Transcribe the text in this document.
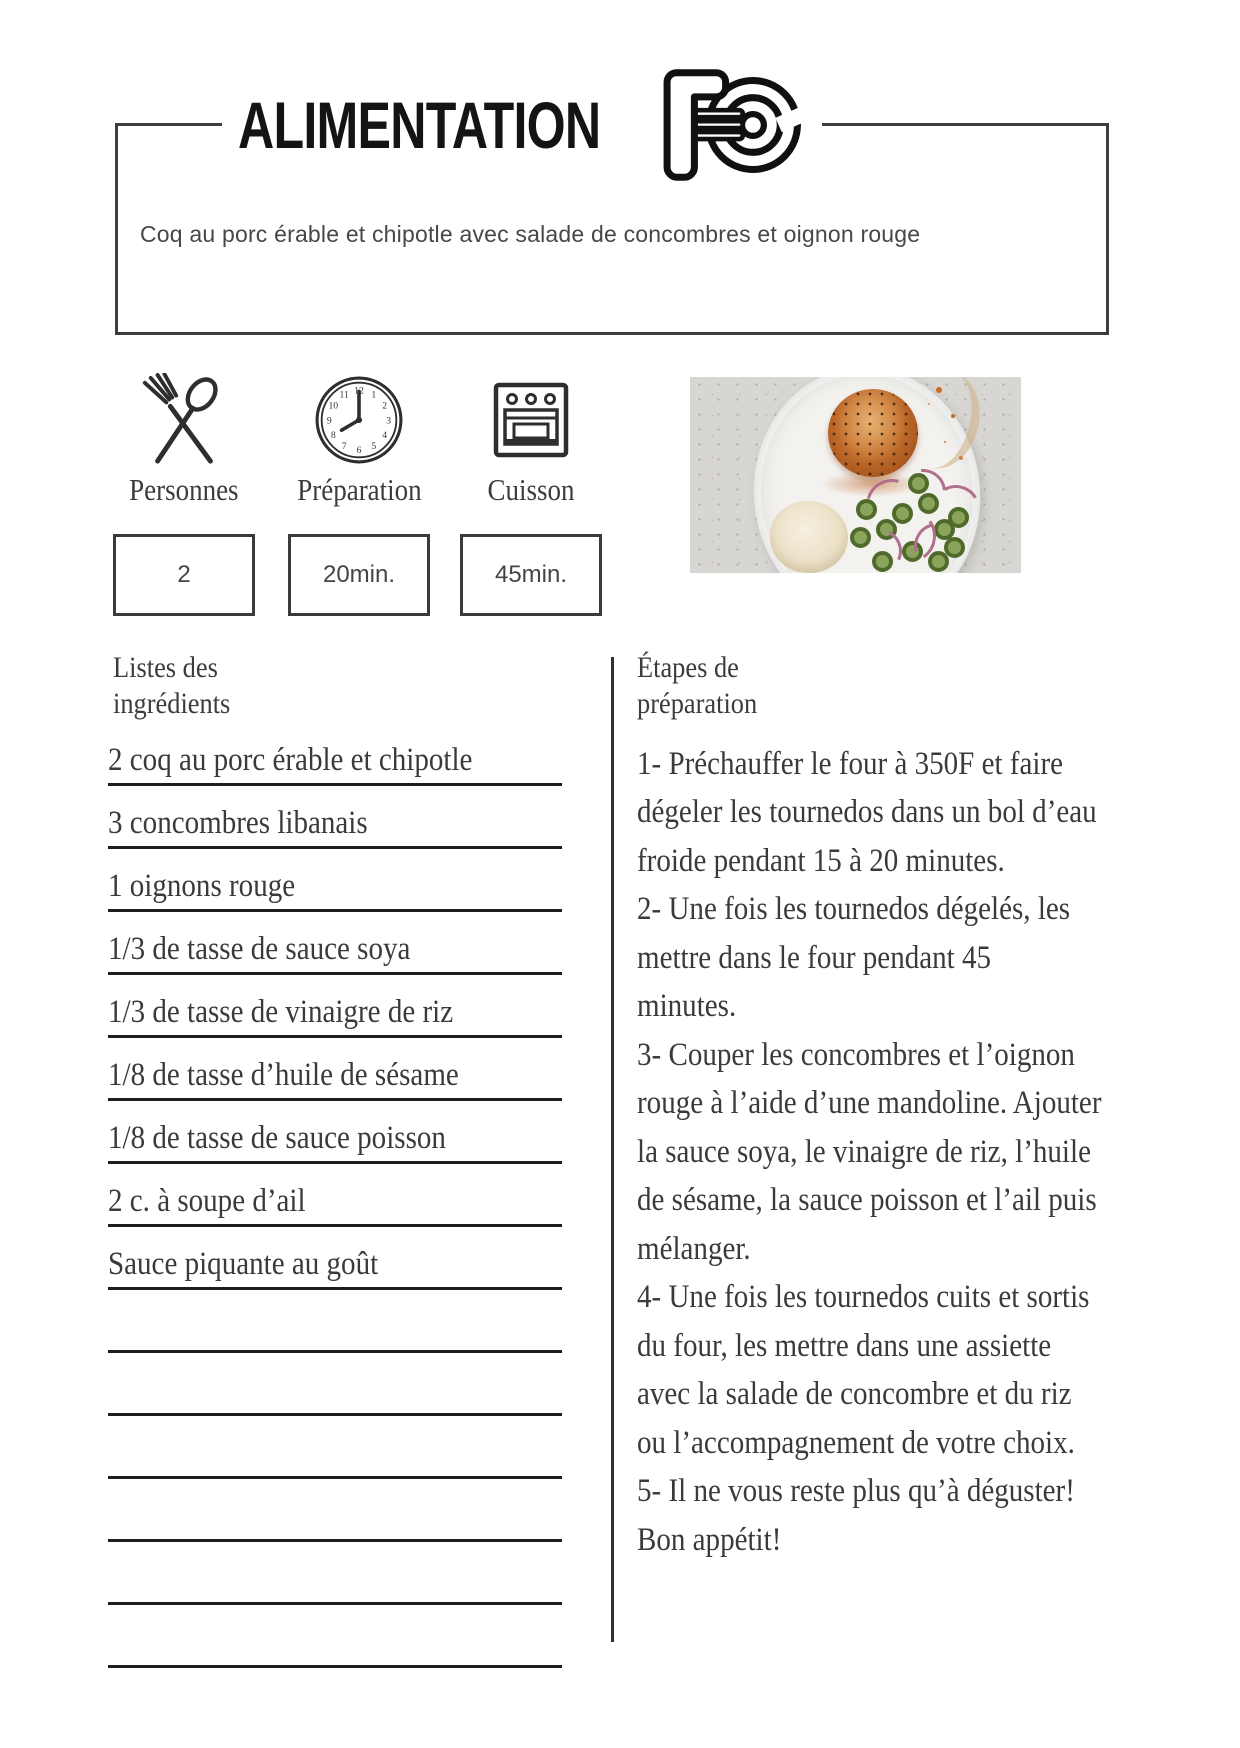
ALIMENTATION
Coq au porc érable et chipotle avec salade de concombres et oignon rouge
Personnes
2
12 1
2
3
4
5
6
7
8
9
10
11
Préparation
20min.
Cuisson
45min.
Listes des
ingrédients
Étapes de
préparation
2 coq au porc érable et chipotle
3 concombres libanais
1 oignons rouge
1/3 de tasse de sauce soya
1/3 de tasse de vinaigre de riz
1/8 de tasse d’huile de sésame
1/8 de tasse de sauce poisson
2 c. à soupe d’ail
Sauce piquante au goût
1- Préchauffer le four à 350F et faire
dégeler les tournedos dans un bol d’eau
froide pendant 15 à 20 minutes.
2- Une fois les tournedos dégelés, les
mettre dans le four pendant 45
minutes.
3- Couper les concombres et l’oignon
rouge à l’aide d’une mandoline. Ajouter
la sauce soya, le vinaigre de riz, l’huile
de sésame, la sauce poisson et l’ail puis
mélanger.
4- Une fois les tournedos cuits et sortis
du four, les mettre dans une assiette
avec la salade de concombre et du riz
ou l’accompagnement de votre choix.
5- Il ne vous reste plus qu’à déguster!
Bon appétit!
